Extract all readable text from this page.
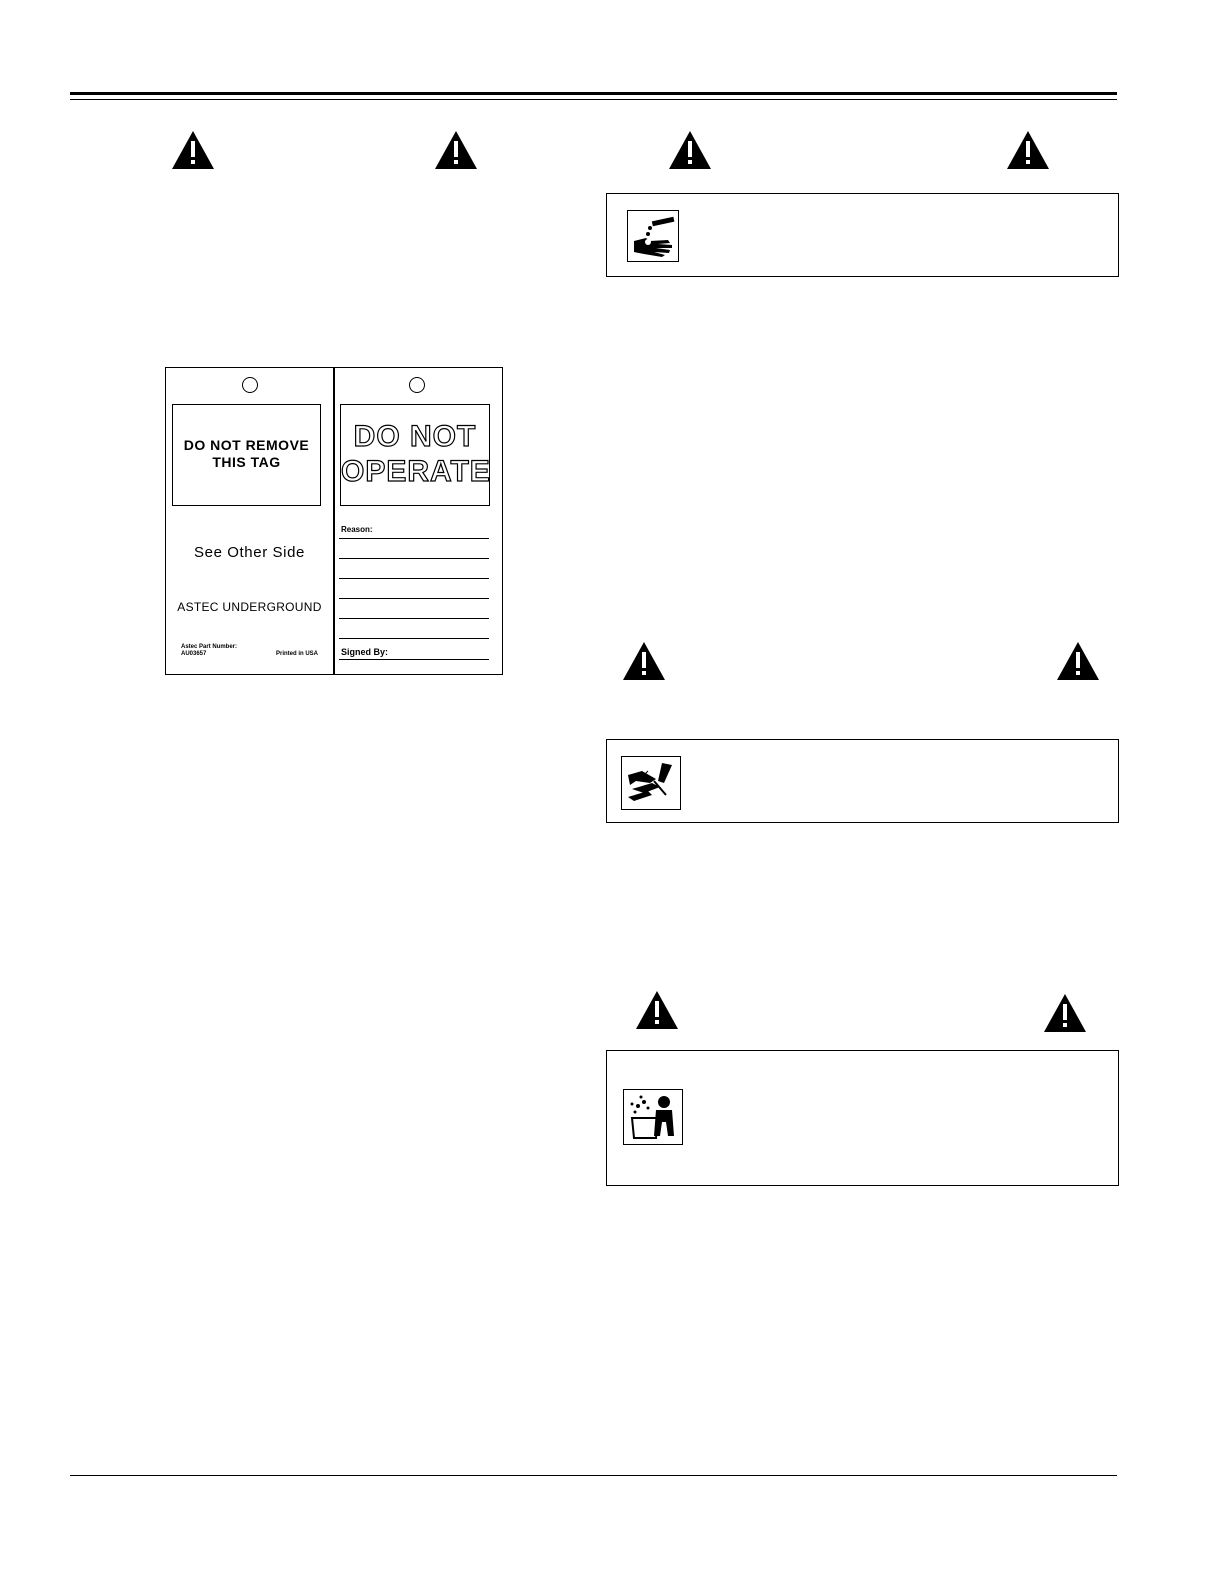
DO NOT REMOVE
THIS TAG
See Other Side
ASTEC UNDERGROUND
Astec Part Number:
AU03657	Printed in USA
DO NOT
OPERATE
Reason:
Signed By:
